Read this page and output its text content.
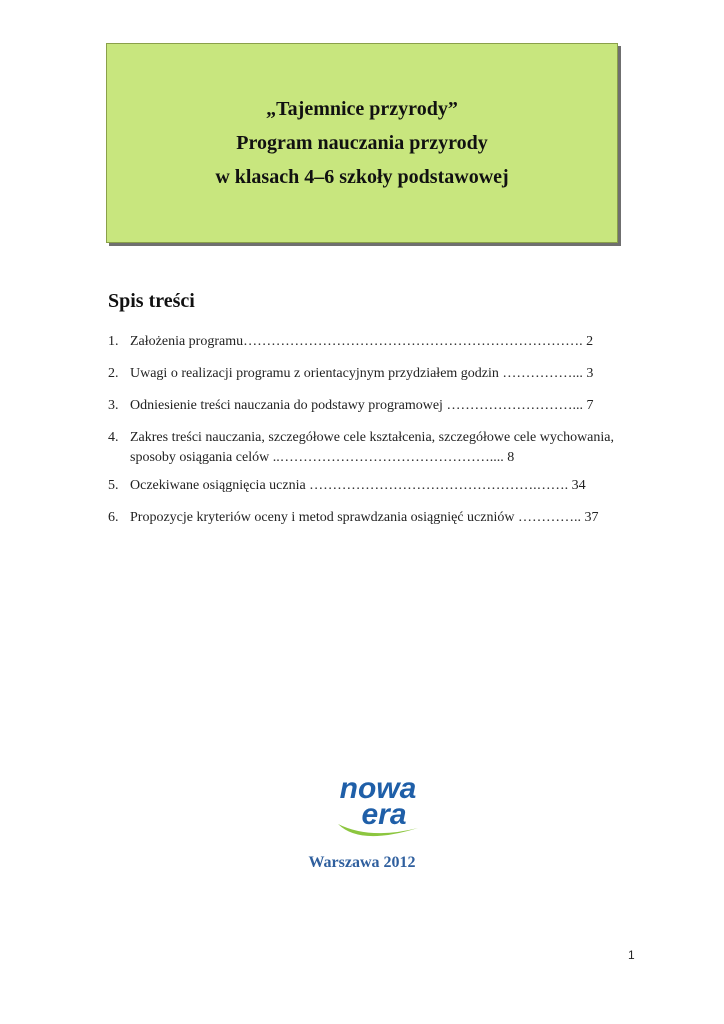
„Tajemnice przyrody”
Program nauczania przyrody
w klasach 4–6 szkoły podstawowej
Spis treści
1. Założenia programu………………………………………………………………. 2
2. Uwagi o realizacji programu z orientacyjnym przydziałem godzin ……………... 3
3. Odniesienie treści nauczania do podstawy programowej ………………………... 7
4. Zakres treści nauczania, szczegółowe cele kształcenia, szczegółowe cele wychowania, sposoby osiągania celów ..……………………………………….... 8
5. Oczekiwane osiągnięcia ucznia ………………………………………….……. 34
6. Propozycje kryteriów oceny i metod sprawdzania osiągnięć uczniów ………….. 37
nowa
era
Warszawa 2012
1
